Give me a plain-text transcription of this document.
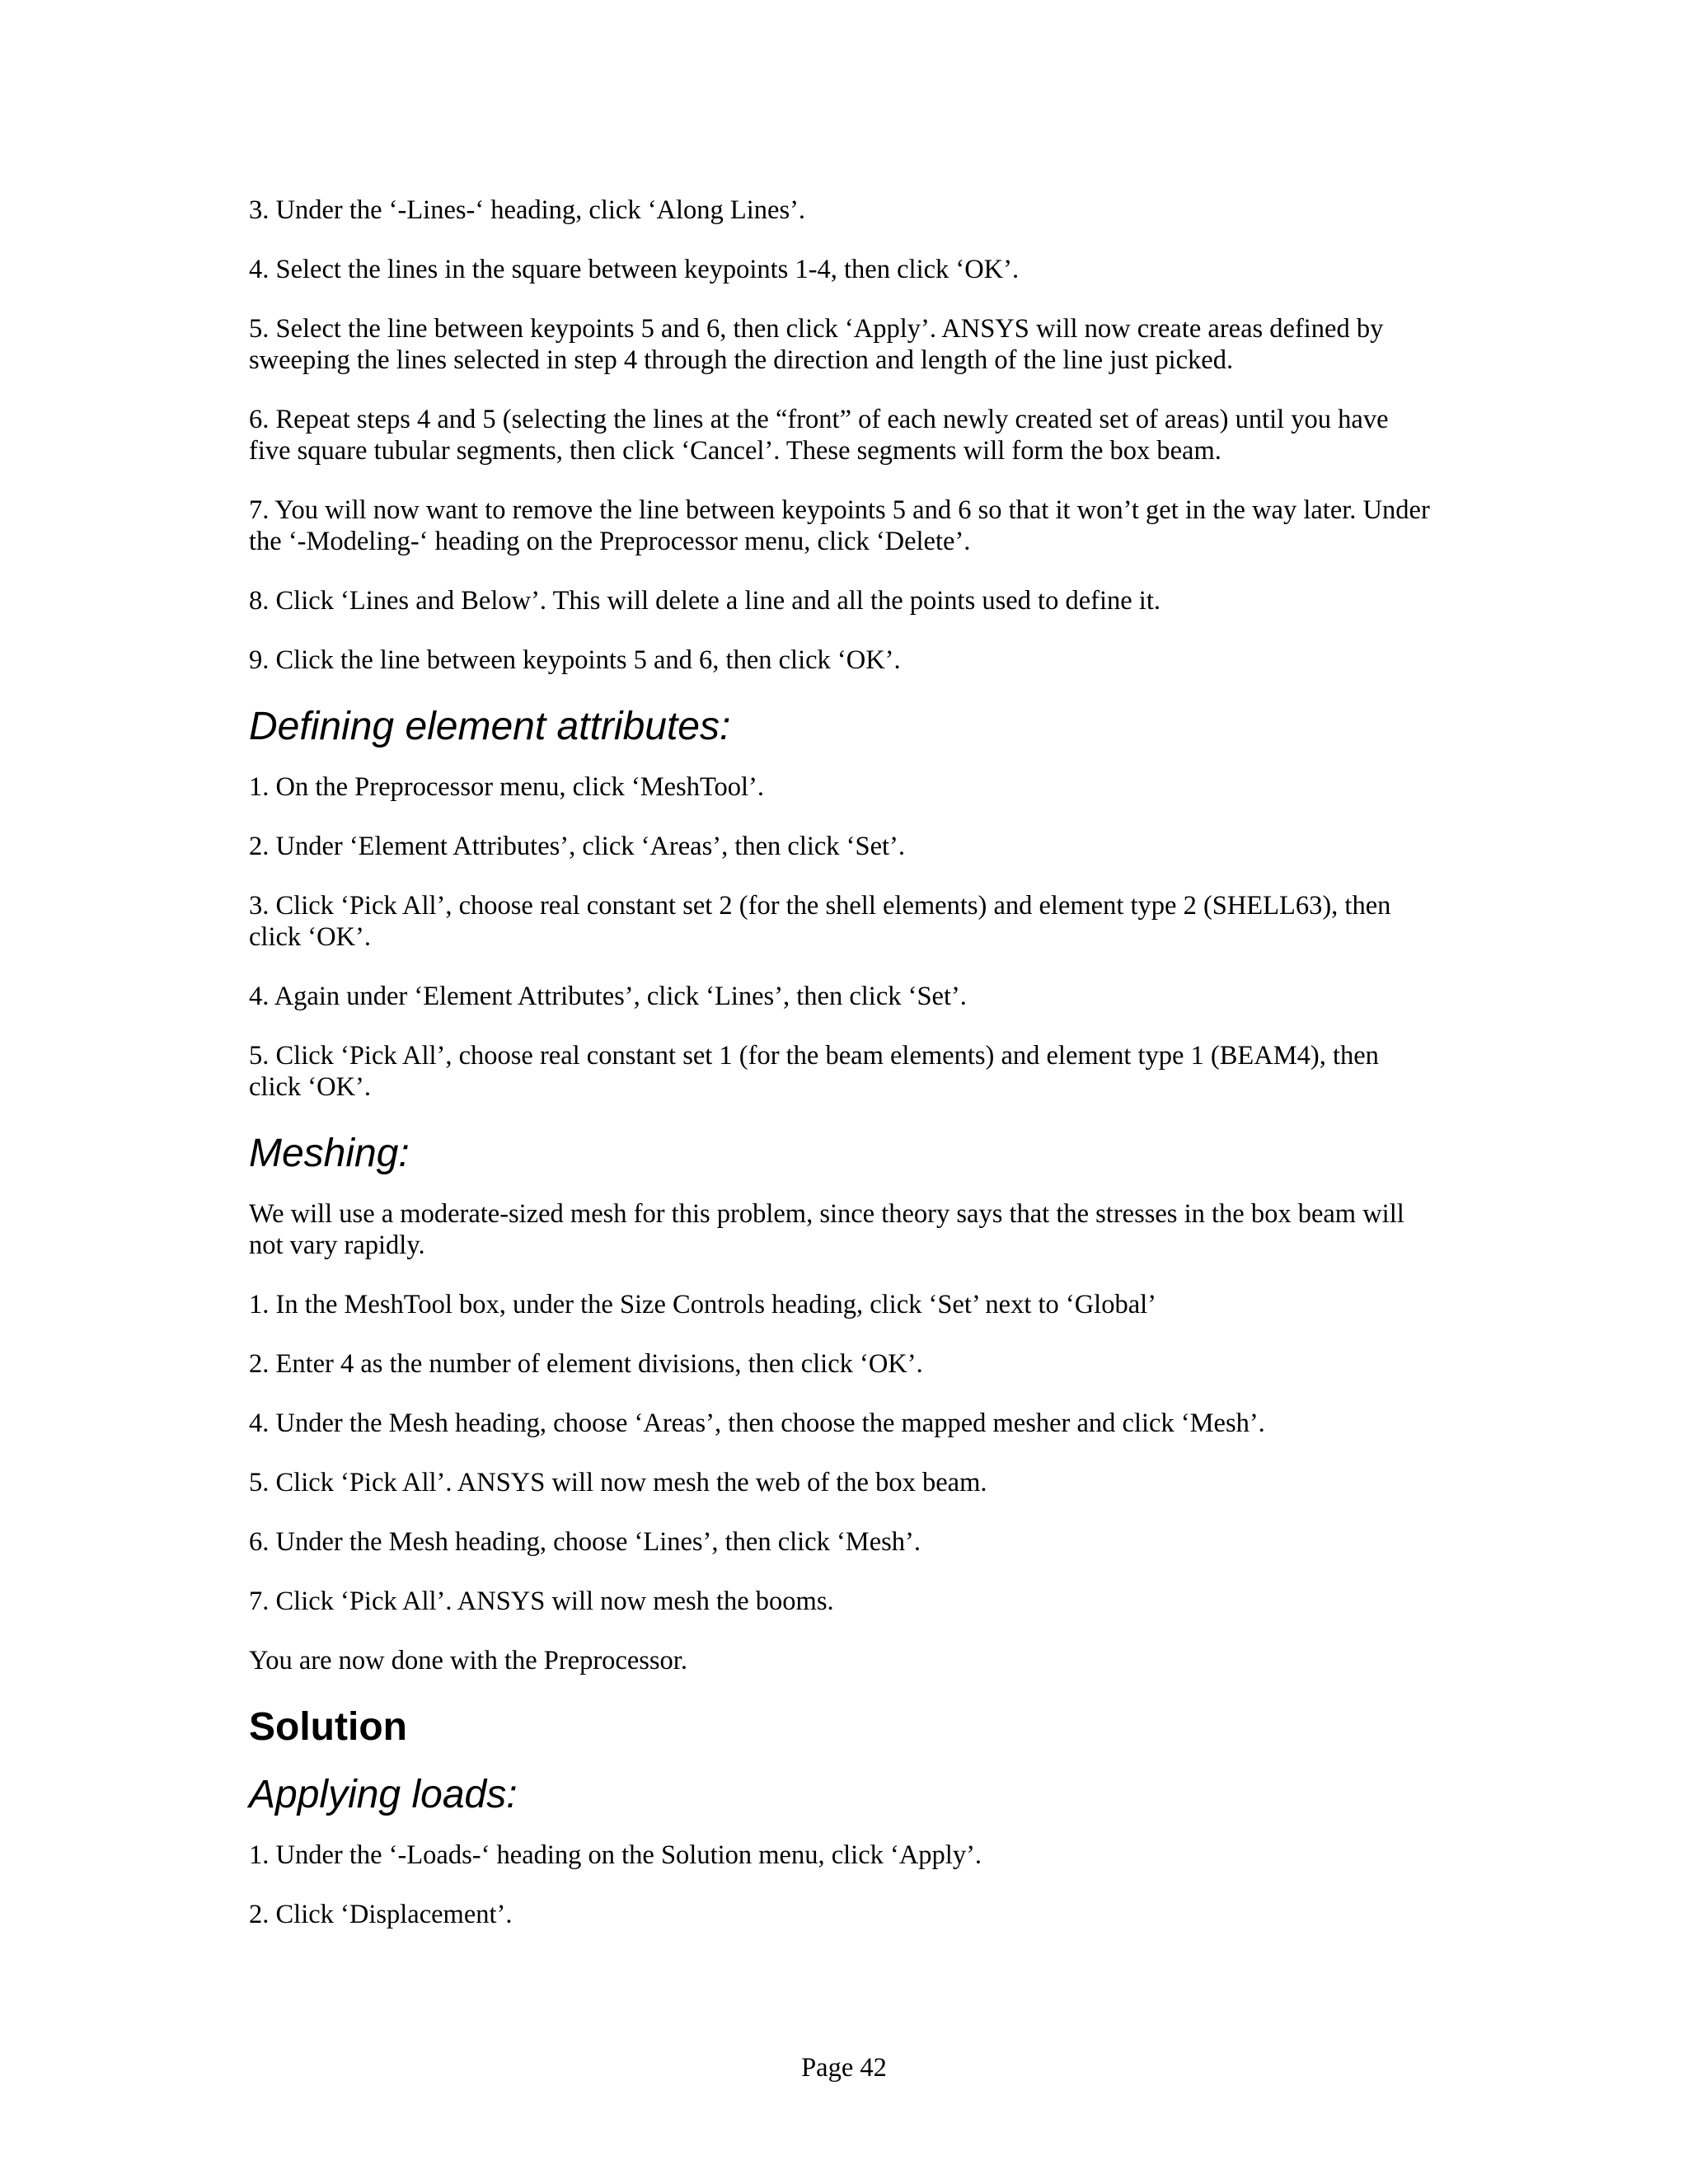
3. Under the ‘-Lines-‘ heading, click ‘Along Lines’.

4. Select the lines in the square between keypoints 1-4, then click ‘OK’.

5. Select the line between keypoints 5 and 6, then click ‘Apply’. ANSYS will now create areas defined by sweeping the lines selected in step 4 through the direction and length of the line just picked.

6. Repeat steps 4 and 5 (selecting the lines at the “front” of each newly created set of areas) until you have five square tubular segments, then click ‘Cancel’. These segments will form the box beam.

7. You will now want to remove the line between keypoints 5 and 6 so that it won’t get in the way later. Under the ‘-Modeling-‘ heading on the Preprocessor menu, click ‘Delete’.

8. Click ‘Lines and Below’. This will delete a line and all the points used to define it.

9. Click the line between keypoints 5 and 6, then click ‘OK’.

Defining element attributes:

1. On the Preprocessor menu, click ‘MeshTool’.

2. Under ‘Element Attributes’, click ‘Areas’, then click ‘Set’.

3. Click ‘Pick All’, choose real constant set 2 (for the shell elements) and element type 2 (SHELL63), then click ‘OK’.

4. Again under ‘Element Attributes’, click ‘Lines’, then click ‘Set’.

5. Click ‘Pick All’, choose real constant set 1 (for the beam elements) and element type 1 (BEAM4), then click ‘OK’.

Meshing:

We will use a moderate-sized mesh for this problem, since theory says that the stresses in the box beam will not vary rapidly.

1. In the MeshTool box, under the Size Controls heading, click ‘Set’ next to ‘Global’

2. Enter 4 as the number of element divisions, then click ‘OK’.

4. Under the Mesh heading, choose ‘Areas’, then choose the mapped mesher and click ‘Mesh’.

5. Click ‘Pick All’. ANSYS will now mesh the web of the box beam.

6. Under the Mesh heading, choose ‘Lines’, then click ‘Mesh’.

7. Click ‘Pick All’. ANSYS will now mesh the booms.

You are now done with the Preprocessor.

Solution
Applying loads:

1. Under the ‘-Loads-‘ heading on the Solution menu, click ‘Apply’.

2. Click ‘Displacement’.

Page 42
